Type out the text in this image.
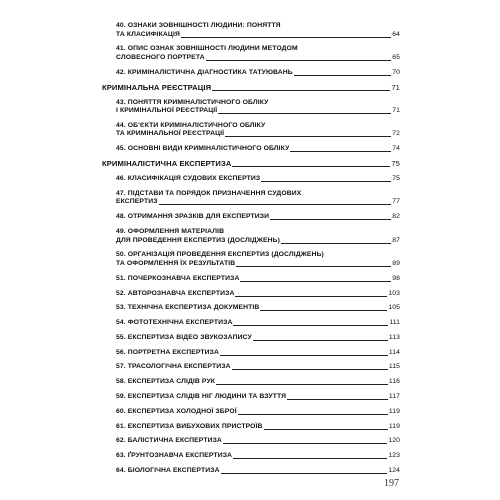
40. ОЗНАКИ ЗОВНІШНОСТІ ЛЮДИНИ: ПОНЯТТЯ
ТА КЛАСИФІКАЦІЯ	64
41. ОПИС ОЗНАК ЗОВНІШНОСТІ ЛЮДИНИ МЕТОДОМ
СЛОВЕСНОГО ПОРТРЕТА	65
42. КРИМІНАЛІСТИЧНА ДІАГНОСТИКА ТАТУЮВАНЬ	70
КРИМІНАЛЬНА РЕЄСТРАЦІЯ	71
43. ПОНЯТТЯ КРИМІНАЛІСТИЧНОГО ОБЛІКУ
І КРИМІНАЛЬНОЇ РЕЄСТРАЦІЇ	71
44. ОБ'ЄКТИ КРИМІНАЛІСТИЧНОГО ОБЛІКУ
ТА КРИМІНАЛЬНОЇ РЕЄСТРАЦІЇ	72
45. ОСНОВНІ ВИДИ КРИМІНАЛІСТИЧНОГО ОБЛІКУ	74
КРИМІНАЛІСТИЧНА ЕКСПЕРТИЗА	75
46. КЛАСИФІКАЦІЯ СУДОВИХ ЕКСПЕРТИЗ	75
47. ПІДСТАВИ ТА ПОРЯДОК ПРИЗНАЧЕННЯ СУДОВИХ
ЕКСПЕРТИЗ	77
48. ОТРИМАННЯ ЗРАЗКІВ ДЛЯ ЕКСПЕРТИЗИ	82
49. ОФОРМЛЕННЯ МАТЕРІАЛІВ
ДЛЯ ПРОВЕДЕННЯ ЕКСПЕРТИЗ (ДОСЛІДЖЕНЬ)	87
50. ОРГАНІЗАЦІЯ ПРОВЕДЕННЯ ЕКСПЕРТИЗ (ДОСЛІДЖЕНЬ)
ТА ОФОРМЛЕННЯ ЇХ РЕЗУЛЬТАТІВ	89
51. ПОЧЕРКОЗНАВЧА ЕКСПЕРТИЗА	98
52. АВТОРОЗНАВЧА ЕКСПЕРТИЗА	103
53. ТЕХНІЧНА ЕКСПЕРТИЗА ДОКУМЕНТІВ	105
54. ФОТОТЕХНІЧНА ЕКСПЕРТИЗА	111
55. ЕКСПЕРТИЗА ВІДЕО ЗВУКОЗАПИСУ	113
56. ПОРТРЕТНА ЕКСПЕРТИЗА	114
57. ТРАСОЛОГІЧНА ЕКСПЕРТИЗА	115
58. ЕКСПЕРТИЗА СЛІДІВ РУК	116
59. ЕКСПЕРТИЗА СЛІДІВ НІГ ЛЮДИНИ ТА ВЗУТТЯ	117
60. ЕКСПЕРТИЗА ХОЛОДНОЇ ЗБРОЇ	119
61. ЕКСПЕРТИЗА ВИБУХОВИХ ПРИСТРОЇВ	119
62. БАЛІСТИЧНА ЕКСПЕРТИЗА	120
63. ҐРУНТОЗНАВЧА ЕКСПЕРТИЗА	123
64. БІОЛОГІЧНА ЕКСПЕРТИЗА	124
197
